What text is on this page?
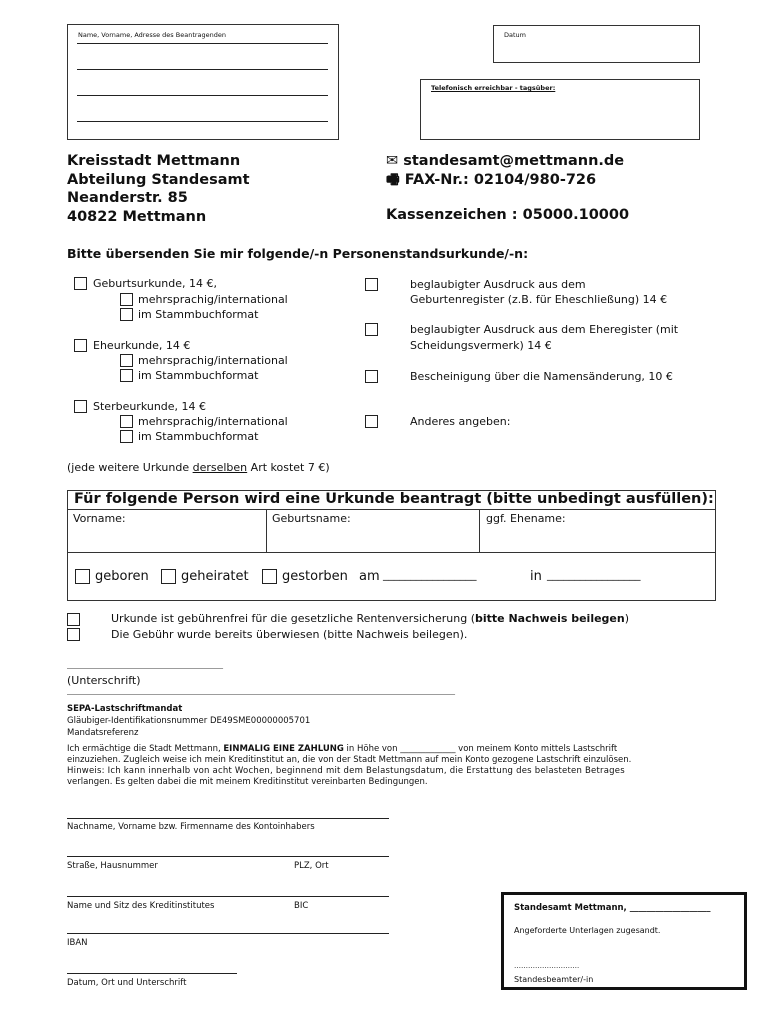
Name, Vorname, Adresse des Beantragenden	Datum
Telefonisch erreichbar - tagsüber:
Kreisstadt Mettmann
Abteilung Standesamt
Neanderstr. 85
40822 Mettmann
✉ standesamt@mettmann.de
🖷 FAX-Nr.: 02104/980-726
Kassenzeichen : 05000.10000
Bitte übersenden Sie mir folgende/-n Personenstandsurkunde/-n:
Geburtsurkunde, 14 €,
mehrsprachig/international
im Stammbuchformat
Eheurkunde, 14 €
mehrsprachig/international
im Stammbuchformat
Sterbeurkunde, 14 €
mehrsprachig/international
im Stammbuchformat
beglaubigter Ausdruck aus dem
Geburtenregister (z.B. für Eheschließung) 14 €
beglaubigter Ausdruck aus dem Eheregister (mit
Scheidungsvermerk) 14 €
Bescheinigung über die Namensänderung, 10 €
Anderes angeben:
(jede weitere Urkunde derselben Art kostet 7 €)
Für folgende Person wird eine Urkunde beantragt (bitte unbedingt ausfüllen):
Vorname:	Geburtsname:	ggf. Ehename:
geboren geheiratet	gestorben am _________________	in _________________
Urkunde ist gebührenfrei für die gesetzliche Rentenversicherung (bitte Nachweis beilegen)
Die Gebühr wurde bereits überwiesen (bitte Nachweis beilegen).
_______________________________________
(Unterschrift)
_________________________________________________________________________________________________
SEPA-Lastschriftmandat
Gläubiger-Identifikationsnummer DE49SME00000005701
Mandatsreferenz
Ich ermächtige die Stadt Mettmann, EINMALIG EINE ZAHLUNG in Höhe von _____________ von meinem Konto mittels Lastschrift
einzuziehen. Zugleich weise ich mein Kreditinstitut an, die von der Stadt Mettmann auf mein Konto gezogene Lastschrift einzulösen.
Hinweis: Ich kann innerhalb von acht Wochen, beginnend mit dem Belastungsdatum, die Erstattung des belasteten Betrages
verlangen. Es gelten dabei die mit meinem Kreditinstitut vereinbarten Bedingungen.
Nachname, Vorname bzw. Firmenname des Kontoinhabers
Straße, Hausnummer	PLZ, Ort
Name und Sitz des Kreditinstitutes	BIC
IBAN
Datum, Ort und Unterschrift
Standesamt Mettmann, ___________________
Angeforderte Unterlagen zugesandt.
……………………….
Standesbeamter/-in
